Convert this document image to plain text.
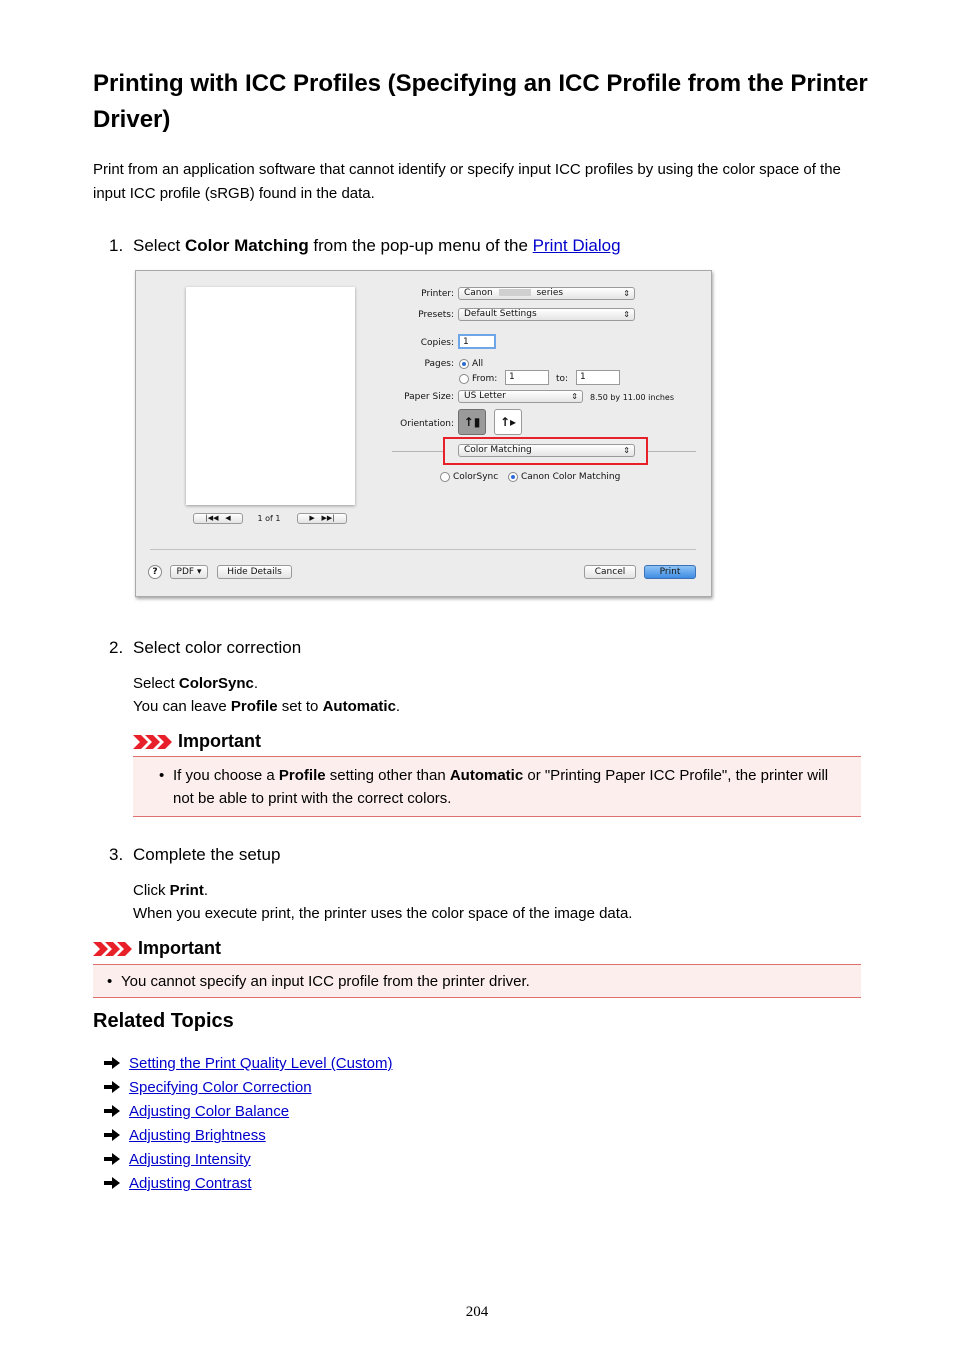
Printing with ICC Profiles (Specifying an ICC Profile from the Printer Driver)
Print from an application software that cannot identify or specify input ICC profiles by using the color space of the input ICC profile (sRGB) found in the data.
1. Select Color Matching from the pop-up menu of the Print Dialog
|◀◀   ◀	1 of 1	▶   ▶▶|
Printer:	Canon	series	⇕
Presets:	Default Settings	⇕
Copies:	1
Pages: All
From:	1	to:	1
Paper Size:	US Letter	⇕ 8.50 by 11.00 inches
Orientation: ↑▮	↑▸
Color Matching	⇕
ColorSync	Canon Color Matching
?	PDF ▾	Hide Details	Cancel	Print
2. Select color correction
Select ColorSync.
You can leave Profile set to Automatic.
Important
• If you choose a Profile setting other than Automatic or "Printing Paper ICC Profile", the printer will not be able to print with the correct colors.
3. Complete the setup
Click Print.
When you execute print, the printer uses the color space of the image data.
Important
• You cannot specify an input ICC profile from the printer driver.
Related Topics
Setting the Print Quality Level (Custom)
Specifying Color Correction
Adjusting Color Balance
Adjusting Brightness
Adjusting Intensity
Adjusting Contrast
204
